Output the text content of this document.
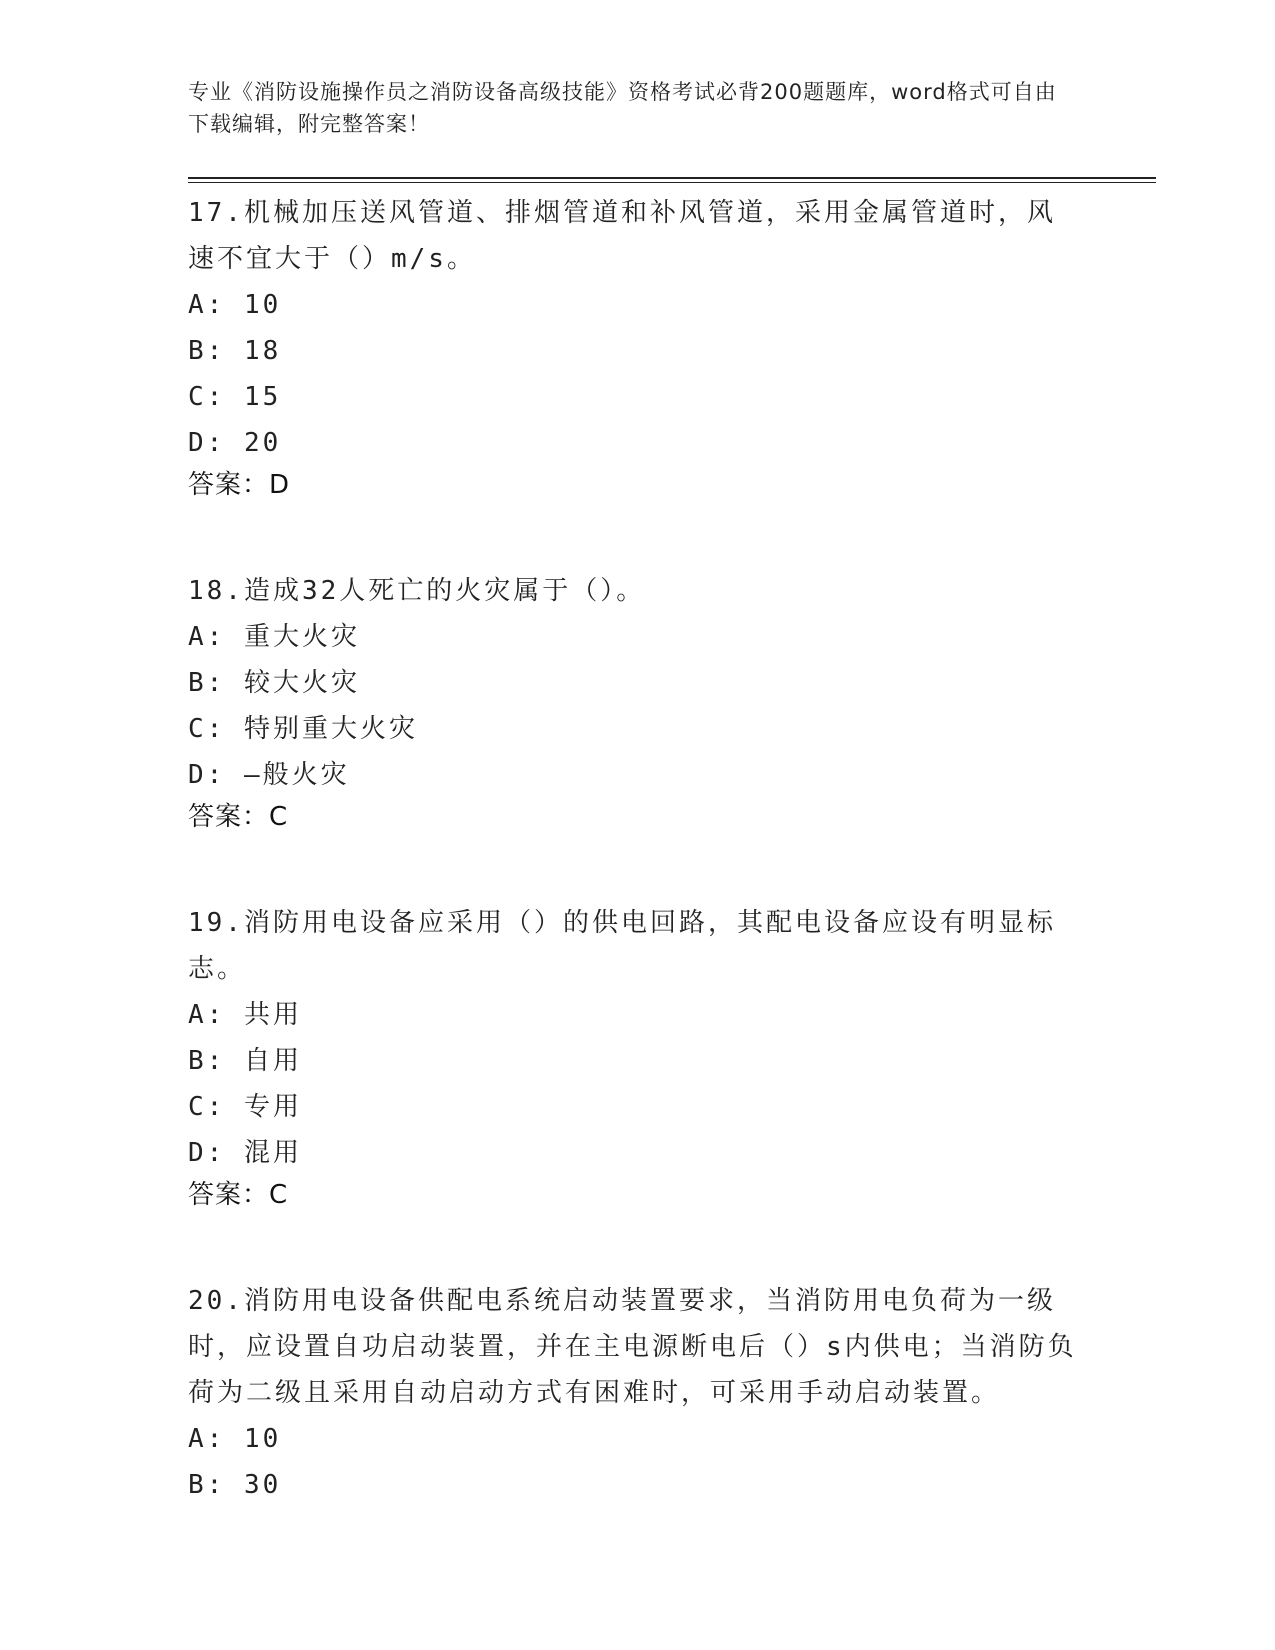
专业《消防设施操作员之消防设备高级技能》资格考试必背200题题库，word格式可自由下载编辑，附完整答案！
17.机械加压送风管道、排烟管道和补风管道，采用金属管道时，风速不宜大于（）m/s。
A: 10
B: 18
C: 15
D: 20
答案：D
18.造成32人死亡的火灾属于（）。
A: 重大火灾
B: 较大火灾
C: 特别重大火灾
D: —般火灾
答案：C
19.消防用电设备应采用（）的供电回路，其配电设备应设有明显标志。
A: 共用
B: 自用
C: 专用
D: 混用
答案：C
20.消防用电设备供配电系统启动装置要求，当消防用电负荷为一级时，应设置自功启动装置，并在主电源断电后（）s内供电；当消防负荷为二级且采用自动启动方式有困难时，可采用手动启动装置。
A: 10
B: 30
